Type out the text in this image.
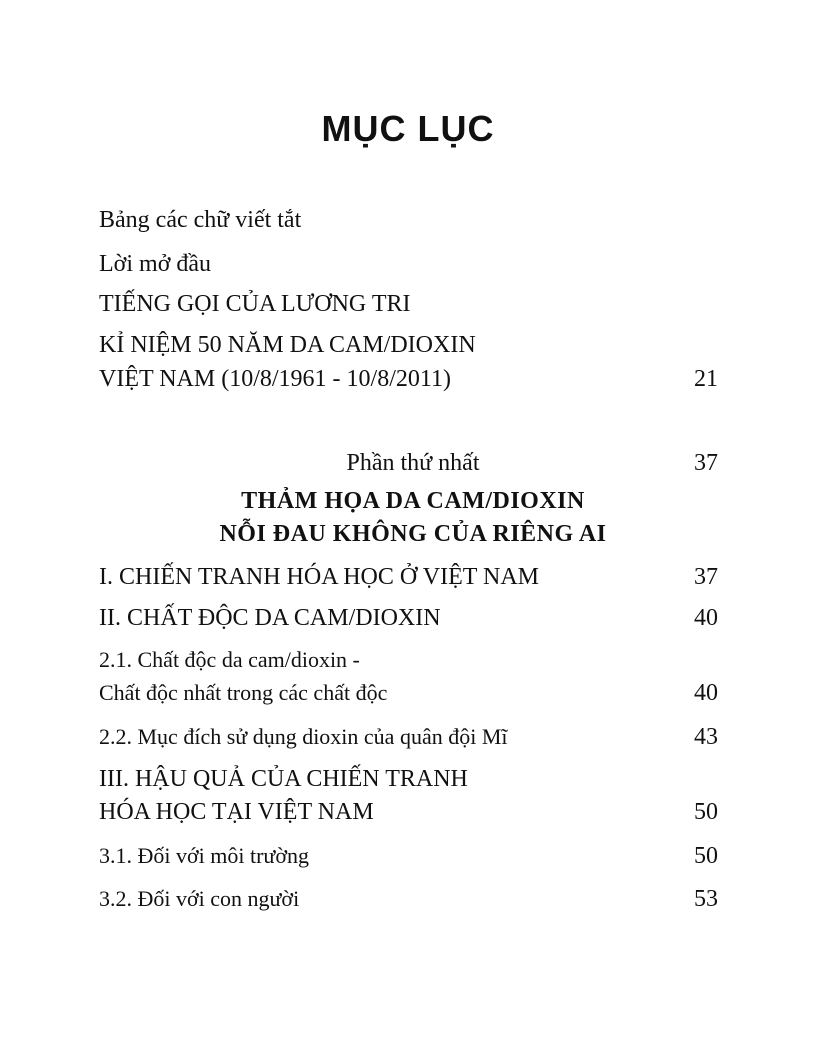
MỤC LỤC
Bảng các chữ viết tắt
Lời mở đầu
TIẾNG GỌI CỦA LƯƠNG TRI
KỈ NIỆM 50 NĂM DA CAM/DIOXIN
VIỆT NAM (10/8/1961 - 10/8/2011)	21
Phần thứ nhất	37
THẢM HỌA DA CAM/DIOXIN
NỖI ĐAU KHÔNG CỦA RIÊNG AI
I. CHIẾN TRANH HÓA HỌC Ở VIỆT NAM	37
II. CHẤT ĐỘC DA CAM/DIOXIN	40
2.1. Chất độc da cam/dioxin -
Chất độc nhất trong các chất độc	40
2.2. Mục đích sử dụng dioxin của quân đội Mĩ	43
III. HẬU QUẢ CỦA CHIẾN TRANH
HÓA HỌC TẠI VIỆT NAM	50
3.1. Đối với môi trường	50
3.2. Đối với con người	53
